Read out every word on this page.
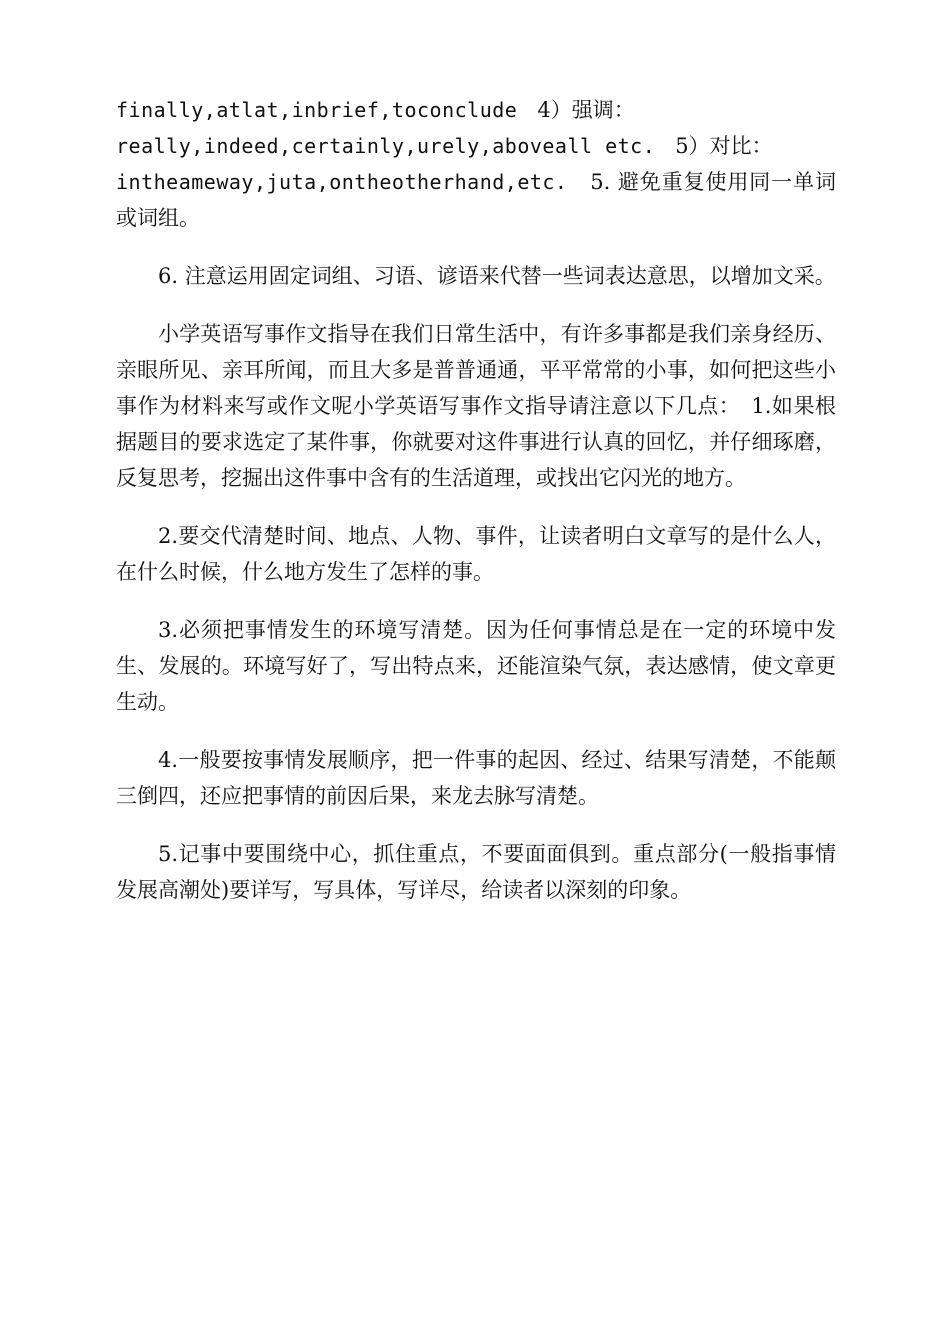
finally,atlat,inbrief,toconclude 4）强调：
really,indeed,certainly,urely,aboveall etc. 5）对比：
intheameway,juta,ontheotherhand,etc. 5. 避免重复使用同一单词或词组。

6. 注意运用固定词组、习语、谚语来代替一些词表达意思，以增加文采。

小学英语写事作文指导在我们日常生活中，有许多事都是我们亲身经历、亲眼所见、亲耳所闻，而且大多是普普通通，平平常常的小事，如何把这些小事作为材料来写或作文呢小学英语写事作文指导请注意以下几点：　1.如果根据题目的要求选定了某件事，你就要对这件事进行认真的回忆，并仔细琢磨，反复思考，挖掘出这件事中含有的生活道理，或找出它闪光的地方。

2.要交代清楚时间、地点、人物、事件，让读者明白文章写的是什么人，在什么时候，什么地方发生了怎样的事。

3.必须把事情发生的环境写清楚。因为任何事情总是在一定的环境中发生、发展的。环境写好了，写出特点来，还能渲染气氛，表达感情，使文章更生动。

4.一般要按事情发展顺序，把一件事的起因、经过、结果写清楚，不能颠三倒四，还应把事情的前因后果，来龙去脉写清楚。

5.记事中要围绕中心，抓住重点，不要面面俱到。重点部分(一般指事情发展高潮处)要详写，写具体，写详尽，给读者以深刻的印象。
